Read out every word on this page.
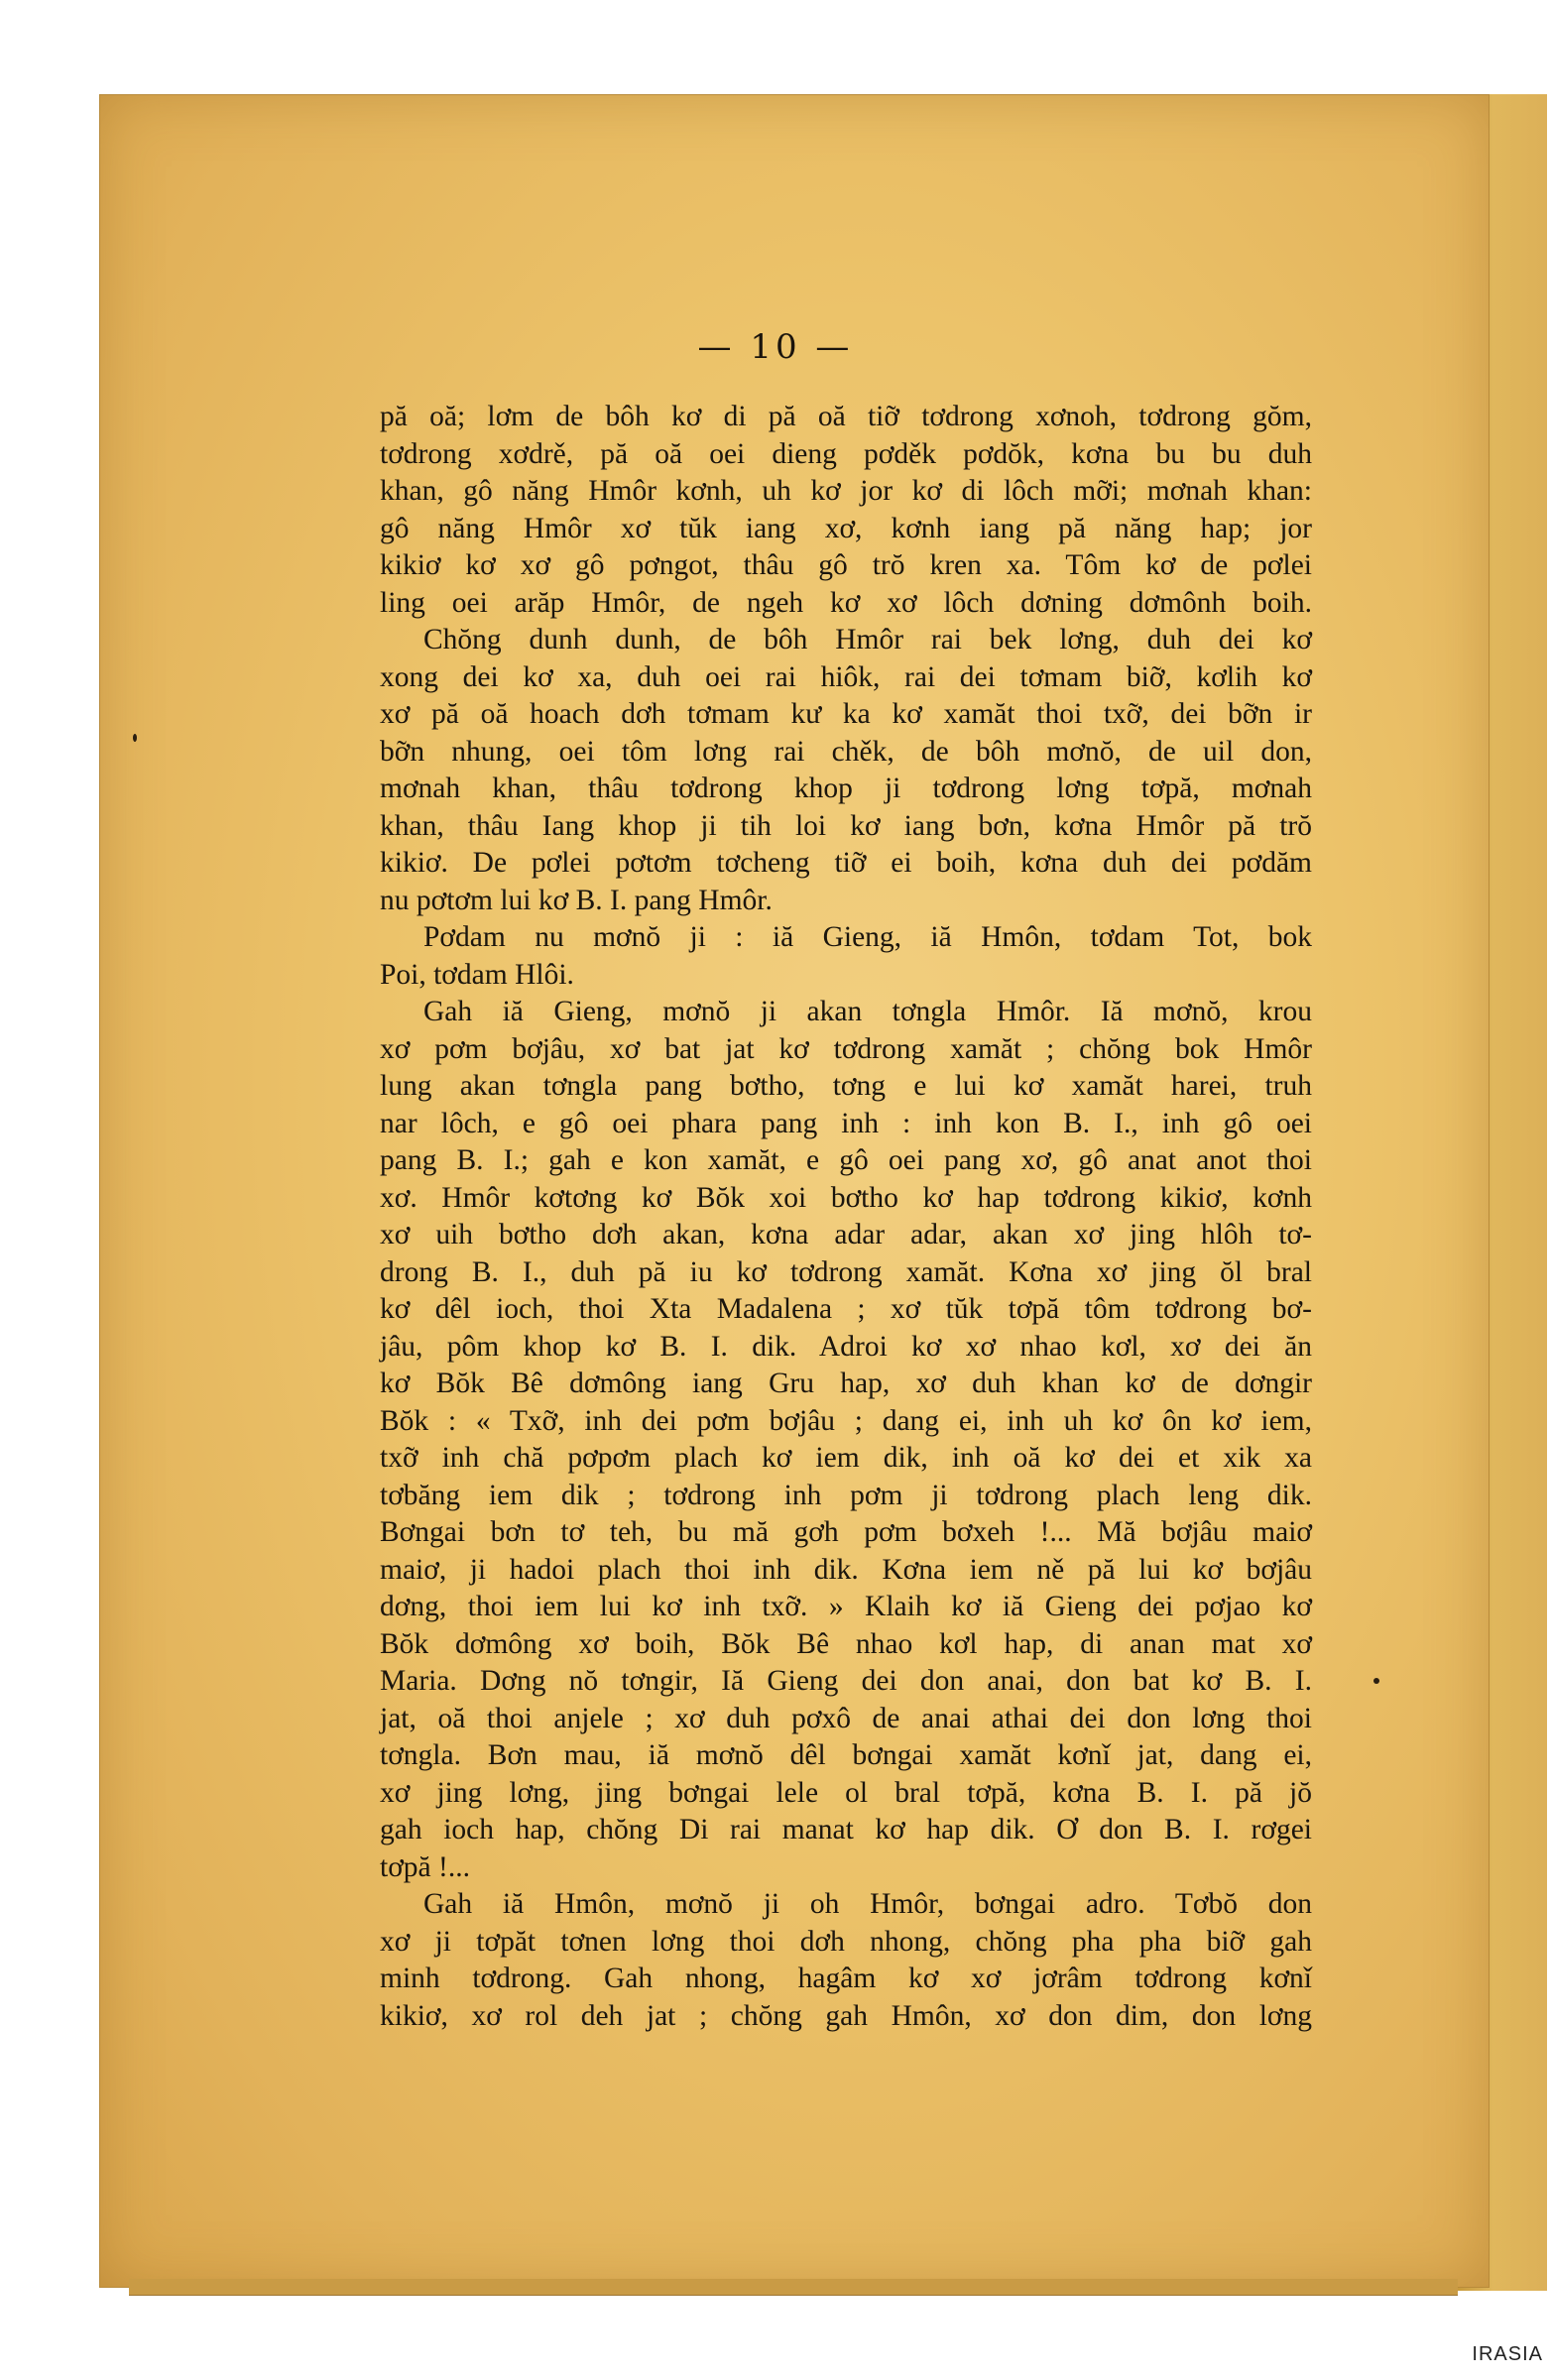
— 10 —
pă oă; lơm de bôh kơ di pă oă tiỡ tơdrong xơnoh, tơdrong gŏm,
tơdrong xơdrě, pă oă oei dieng pơděk pơdŏk, kơna bu bu duh
khan, gô năng Hmôr kơnh, uh kơ jor kơ di lôch mỡi; mơnah khan:
gô năng Hmôr xơ tŭk iang xơ, kơnh iang pă năng hap; jor
kikiơ kơ xơ gô pơngot, thâu gô trŏ kren xa. Tôm kơ de pơlei
ling oei arăp Hmôr, de ngeh kơ xơ lôch dơning dơmônh boih.
Chŏng dunh dunh, de bôh Hmôr rai bek lơng, duh dei kơ
xong dei kơ xa, duh oei rai hiôk, rai dei tơmam biỡ, kơlih kơ
xơ pă oă hoach dơh tơmam kư ka kơ xamăt thoi txỡ, dei bỡn ir
bỡn nhung, oei tôm lơng rai chěk, de bôh mơnŏ, de uil don,
mơnah khan, thâu tơdrong khop ji tơdrong lơng tơpă, mơnah
khan, thâu Iang khop ji tih loi kơ iang bơn, kơna Hmôr pă trŏ
kikiơ. De pơlei pơtơm tơcheng tiỡ ei boih, kơna duh dei pơdăm
nu pơtơm lui kơ B. I. pang Hmôr.
Pơdam nu mơnŏ ji : iă Gieng, iă Hmôn, tơdam Tot, bok
Poi, tơdam Hlôi.
Gah iă Gieng, mơnŏ ji akan tơngla Hmôr. Iă mơnŏ, krou
xơ pơm bơjâu, xơ bat jat kơ tơdrong xamăt ; chŏng bok Hmôr
lung akan tơngla pang bơtho, tơng e lui kơ xamăt harei, truh
nar lôch, e gô oei phara pang inh : inh kon B. I., inh gô oei
pang B. I.; gah e kon xamăt, e gô oei pang xơ, gô anat anot thoi
xơ. Hmôr kơtơng kơ Bŏk xoi bơtho kơ hap tơdrong kikiơ, kơnh
xơ uih bơtho dơh akan, kơna adar adar, akan xơ jing hlôh tơ-
drong B. I., duh pă iu kơ tơdrong xamăt. Kơna xơ jing ŏl bral
kơ dêl ioch, thoi Xta Madalena ; xơ tŭk tơpă tôm tơdrong bơ-
jâu, pôm khop kơ B. I. dik. Adroi kơ xơ nhao kơl, xơ dei ăn
kơ Bŏk Bê dơmông iang Gru hap, xơ duh khan kơ de dơngir
Bŏk : « Txỡ, inh dei pơm bơjâu ; dang ei, inh uh kơ ôn kơ iem,
txỡ inh chă pơpơm plach kơ iem dik, inh oă kơ dei et xik xa
tơbăng iem dik ; tơdrong inh pơm ji tơdrong plach leng dik.
Bơngai bơn tơ teh, bu mă gơh pơm bơxeh !... Mă bơjâu maiơ
maiơ, ji hadoi plach thoi inh dik. Kơna iem ně pă lui kơ bơjâu
dơng, thoi iem lui kơ inh txỡ. » Klaih kơ iă Gieng dei pơjao kơ
Bŏk dơmông xơ boih, Bŏk Bê nhao kơl hap, di anan mat xơ
Maria. Dơng nŏ tơngir, Iă Gieng dei don anai, don bat kơ B. I.
jat, oă thoi anjele ; xơ duh pơxô de anai athai dei don lơng thoi
tơngla. Bơn mau, iă mơnŏ dêl bơngai xamăt kơnǐ jat, dang ei,
xơ jing lơng, jing bơngai lele ol bral tơpă, kơna B. I. pă jŏ
gah ioch hap, chŏng Di rai manat kơ hap dik. Ơ don B. I. rơgei
tơpă !...
Gah iă Hmôn, mơnŏ ji oh Hmôr, bơngai adro. Tơbŏ don
xơ ji tơpăt tơnen lơng thoi dơh nhong, chŏng pha pha biỡ gah
minh tơdrong. Gah nhong, hagâm kơ xơ jơrâm tơdrong kơnǐ
kikiơ, xơ rol deh jat ; chŏng gah Hmôn, xơ don dim, don lơng
IRASIA
